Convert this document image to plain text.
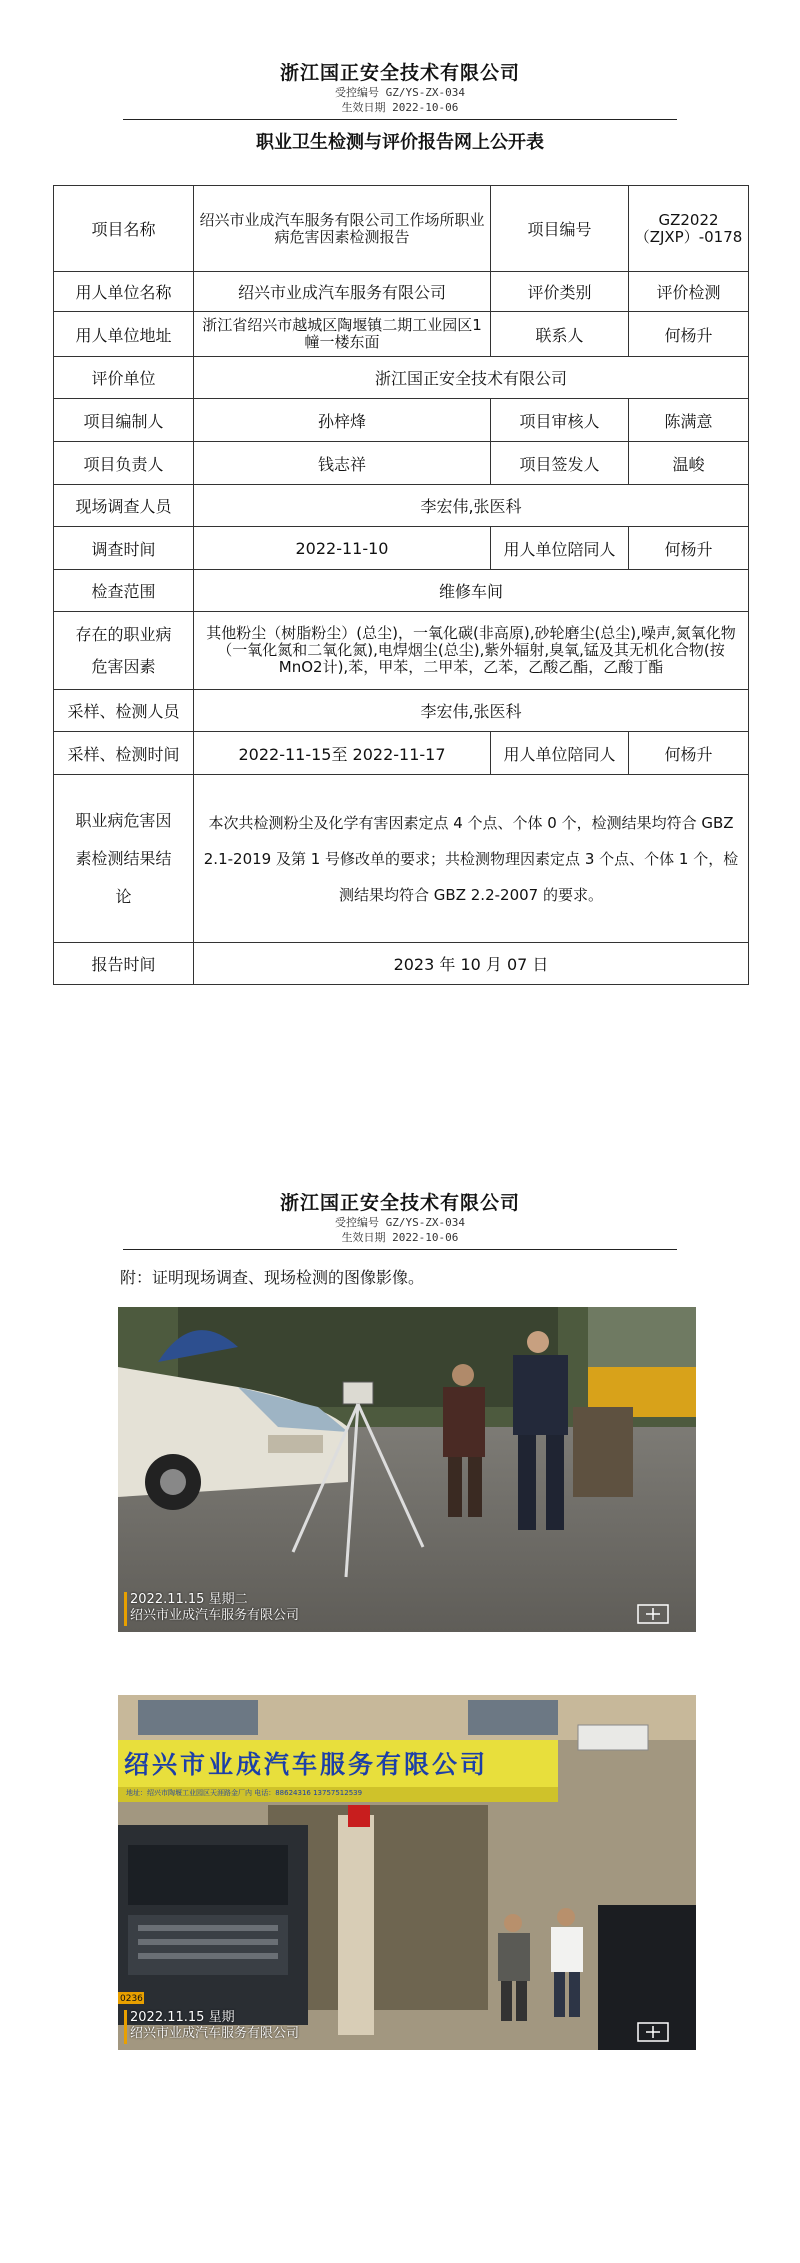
浙江国正安全技术有限公司
受控编号 GZ/YS-ZX-034
生效日期 2022-10-06
职业卫生检测与评价报告网上公开表
项目名称	绍兴市业成汽车服务有限公司工作场所职业病危害因素检测报告	项目编号	GZ2022（ZJXP）-0178
用人单位名称	绍兴市业成汽车服务有限公司	评价类别	评价检测
用人单位地址	浙江省绍兴市越城区陶堰镇二期工业园区1幢一楼东面	联系人	何杨升
评价单位	浙江国正安全技术有限公司		
项目编制人	孙梓烽	项目审核人	陈满意
项目负责人	钱志祥	项目签发人	温峻
现场调查人员	李宏伟,张医科		
调查时间	2022-11-10	用人单位陪同人	何杨升
检查范围	维修车间		

存在的职业病
危害因素	其他粉尘（树脂粉尘）(总尘)，一氧化碳(非高原),砂轮磨尘(总尘),噪声,氮氧化物（一氧化氮和二氧化氮),电焊烟尘(总尘),紫外辐射,臭氧,锰及其无机化合物(按MnO2计),苯，甲苯，二甲苯，乙苯，乙酸乙酯，乙酸丁酯		
采样、检测人员	李宏伟,张医科		
采样、检测时间	2022-11-15至 2022-11-17	用人单位陪同人	何杨升

职业病危害因
素检测结果结
论	本次共检测粉尘及化学有害因素定点 4 个点、个体 0 个，检测结果均符合 GBZ 2.1-2019 及第 1 号修改单的要求；共检测物理因素定点 3 个点、个体 1 个，检测结果均符合 GBZ 2.2-2007 的要求。		
报告时间	2023 年 10 月 07 日		
浙江国正安全技术有限公司
受控编号 GZ/YS-ZX-034
生效日期 2022-10-06
附：证明现场调查、现场检测的图像影像。
2022.11.15 星期二
绍兴市业成汽车服务有限公司
0236
绍兴市业成汽车服务有限公司
地址：绍兴市陶堰工业园区天涯路金厂内 电话：88624316 13757512539
2022.11.15 星期
绍兴市业成汽车服务有限公司
